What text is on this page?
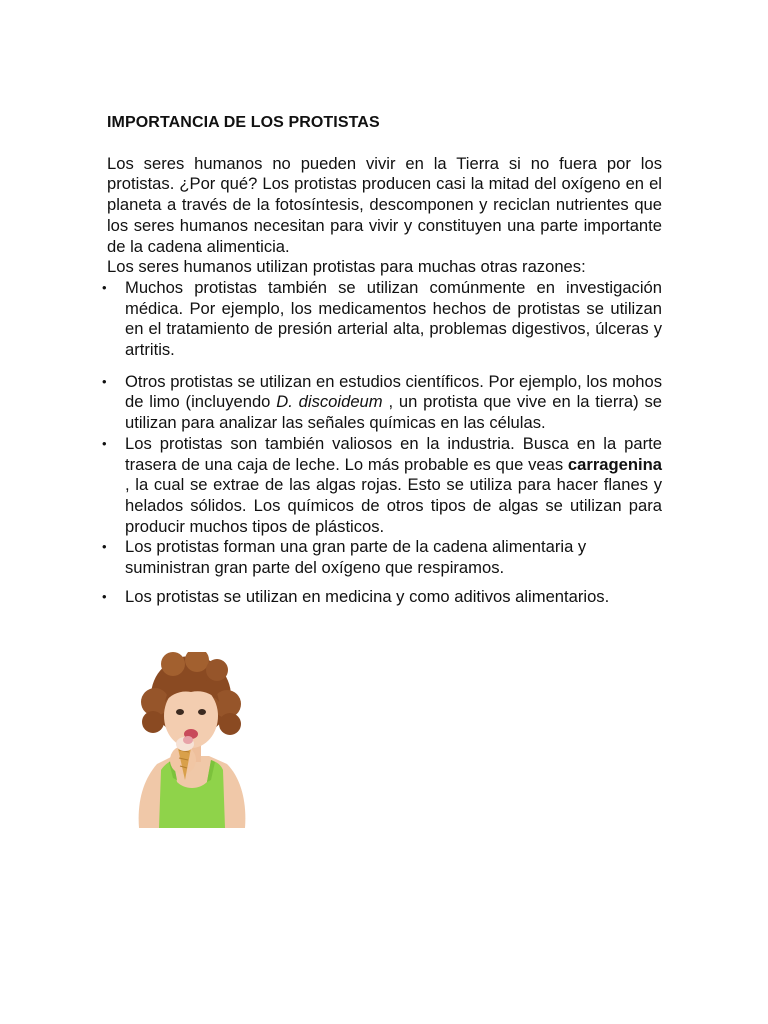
IMPORTANCIA DE LOS PROTISTAS

Los seres humanos no pueden vivir en la Tierra si no fuera por los protistas. ¿Por qué? Los protistas producen casi la mitad del oxígeno en el planeta a través de la fotosíntesis, descomponen y reciclan nutrientes que los seres humanos necesitan para vivir y constituyen una parte importante de la cadena alimenticia.

Los seres humanos utilizan protistas para muchas otras razones:

• Muchos protistas también se utilizan comúnmente en investigación médica. Por ejemplo, los medicamentos hechos de protistas se utilizan en el tratamiento de presión arterial alta, problemas digestivos, úlceras y artritis.
• Otros protistas se utilizan en estudios científicos. Por ejemplo, los mohos de limo (incluyendo D. discoideum , un protista que vive en la tierra) se utilizan para analizar las señales químicas en las células.
• Los protistas son también valiosos en la industria. Busca en la parte trasera de una caja de leche. Lo más probable es que veas carragenina , la cual se extrae de las algas rojas. Esto se utiliza para hacer flanes y helados sólidos. Los químicos de otros tipos de algas se utilizan para producir muchos tipos de plásticos.
• Los protistas forman una gran parte de la cadena alimentaria y suministran gran parte del oxígeno que respiramos.
• Los protistas se utilizan en medicina y como aditivos alimentarios.
